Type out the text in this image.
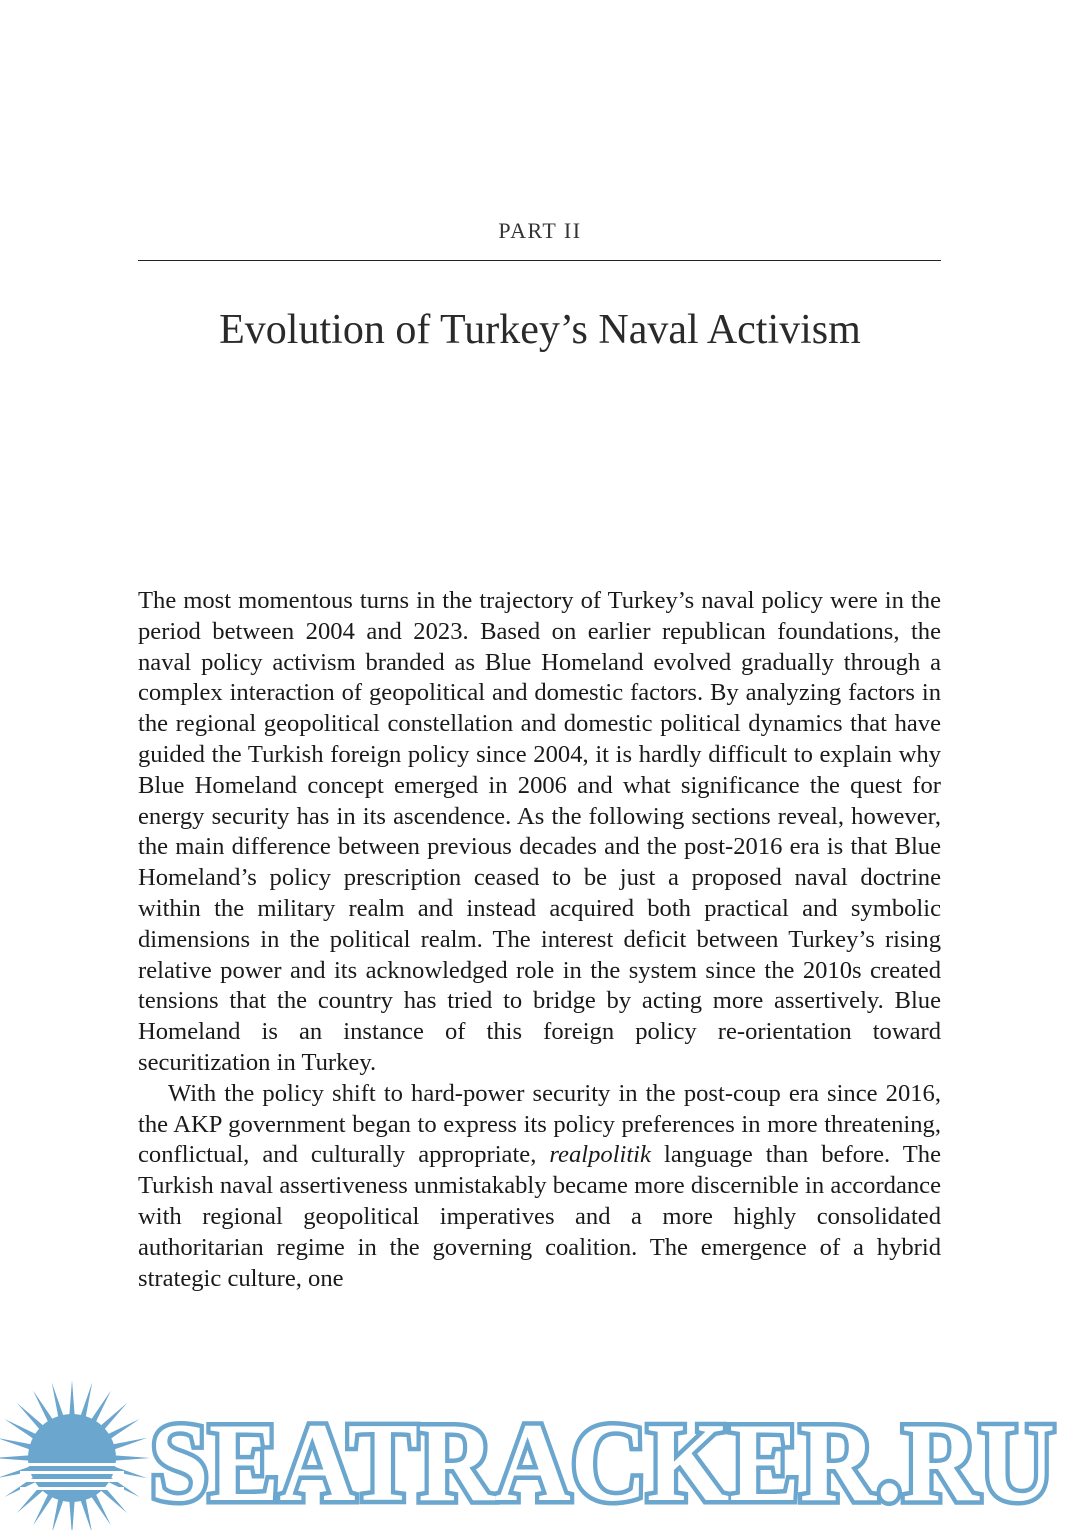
PART II
Evolution of Turkey’s Naval Activism

The most momentous turns in the trajectory of Turkey’s naval policy were in the period between 2004 and 2023. Based on earlier republican foundations, the naval policy activism branded as Blue Homeland evolved gradually through a complex interaction of geopolitical and domestic factors. By analyzing factors in the regional geopolitical constellation and domestic political dynamics that have guided the Turkish foreign policy since 2004, it is hardly difficult to explain why Blue Homeland concept emerged in 2006 and what significance the quest for energy security has in its ascendence. As the following sections reveal, however, the main difference between previous decades and the post-2016 era is that Blue Homeland’s policy prescription ceased to be just a proposed naval doctrine within the military realm and instead acquired both practical and symbolic dimensions in the political realm. The interest deficit between Turkey’s rising relative power and its acknowledged role in the system since the 2010s created tensions that the country has tried to bridge by acting more assertively. Blue Homeland is an instance of this foreign policy re-orientation toward securitization in Turkey.

With the policy shift to hard-power security in the post-coup era since 2016, the AKP government began to express its policy preferences in more threatening, conflictual, and culturally appropriate, realpolitik language than before. The Turkish naval assertiveness unmistakably became more discernible in accordance with regional geopolitical imperatives and a more highly consolidated authoritarian regime in the governing coalition. The emergence of a hybrid strategic culture, one

SEATRACKER.RU
